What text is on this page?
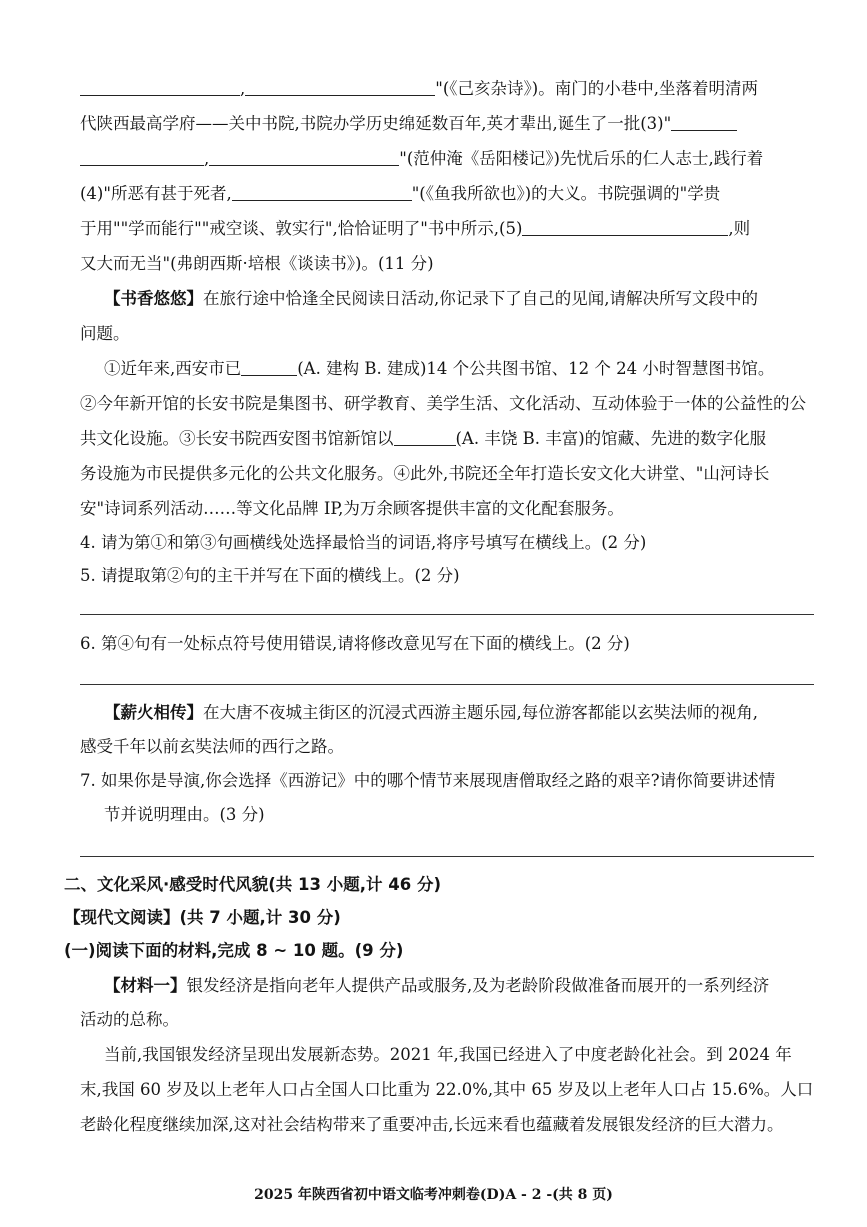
,	"(《己亥杂诗》)。南门的小巷中,坐落着明清两
代陕西最高学府——关中书院,书院办学历史绵延数百年,英才辈出,诞生了一批(3)"
,	"(范仲淹《岳阳楼记》)先忧后乐的仁人志士,践行着
(4)"所恶有甚于死者,	"(《鱼我所欲也》)的大义。书院强调的"学贵
于用""学而能行""戒空谈、敦实行",恰恰证明了"书中所示,(5)	,则
又大而无当"(弗朗西斯·培根《谈读书》)。(11 分)
【书香悠悠】在旅行途中恰逢全民阅读日活动,你记录下了自己的见闻,请解决所写文段中的
问题。
①近年来,西安市已	(A. 建构 B. 建成)14 个公共图书馆、12 个 24 小时智慧图书馆。
②今年新开馆的长安书院是集图书、研学教育、美学生活、文化活动、互动体验于一体的公益性的公
共文化设施。③长安书院西安图书馆新馆以	(A. 丰饶 B. 丰富)的馆藏、先进的数字化服
务设施为市民提供多元化的公共文化服务。④此外,书院还全年打造长安文化大讲堂、"山河诗长
安"诗词系列活动……等文化品牌 IP,为万余顾客提供丰富的文化配套服务。
4. 请为第①和第③句画横线处选择最恰当的词语,将序号填写在横线上。(2 分)
5. 请提取第②句的主干并写在下面的横线上。(2 分)
6. 第④句有一处标点符号使用错误,请将修改意见写在下面的横线上。(2 分)
【薪火相传】在大唐不夜城主街区的沉浸式西游主题乐园,每位游客都能以玄奘法师的视角,
感受千年以前玄奘法师的西行之路。
7. 如果你是导演,你会选择《西游记》中的哪个情节来展现唐僧取经之路的艰辛?请你简要讲述情
节并说明理由。(3 分)
二、文化采风·感受时代风貌(共 13 小题,计 46 分)
【现代文阅读】(共 7 小题,计 30 分)
(一)阅读下面的材料,完成 8 ~ 10 题。(9 分)
【材料一】银发经济是指向老年人提供产品或服务,及为老龄阶段做准备而展开的一系列经济
活动的总称。
当前,我国银发经济呈现出发展新态势。2021 年,我国已经进入了中度老龄化社会。到 2024 年
末,我国 60 岁及以上老年人口占全国人口比重为 22.0%,其中 65 岁及以上老年人口占 15.6%。人口
老龄化程度继续加深,这对社会结构带来了重要冲击,长远来看也蕴藏着发展银发经济的巨大潜力。
2025 年陕西省初中语文临考冲刺卷(D)A - 2 -(共 8 页)
